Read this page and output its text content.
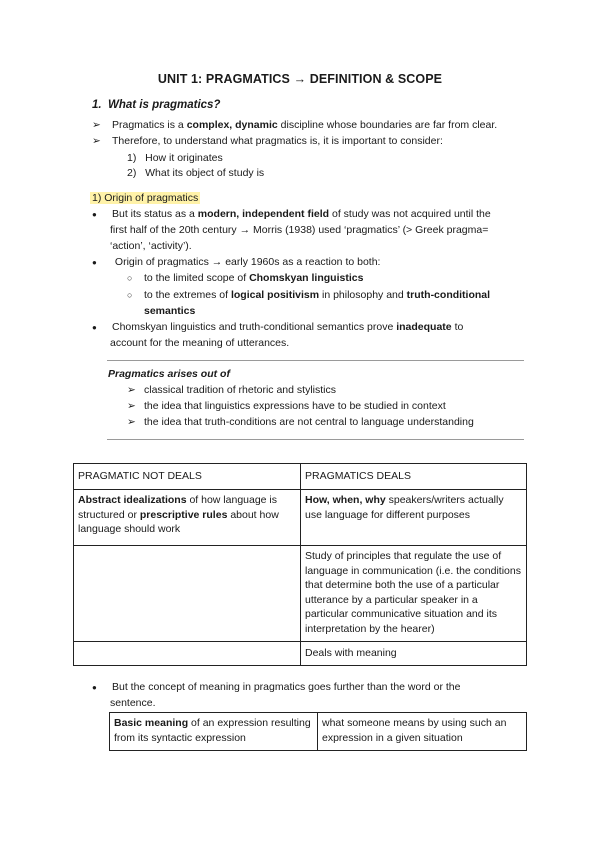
UNIT 1: PRAGMATICS → DEFINITION & SCOPE
1. What is pragmatics?
➢ Pragmatics is a complex, dynamic discipline whose boundaries are far from clear.
➢ Therefore, to understand what pragmatics is, it is important to consider:
1) How it originates
2) What its object of study is
1) Origin of pragmatics
● But its status as a modern, independent field of study was not acquired until the
first half of the 20th century → Morris (1938) used ‘pragmatics’ (> Greek pragma=
‘action’, ‘activity’).
● Origin of pragmatics → early 1960s as a reaction to both:
○ to the limited scope of Chomskyan linguistics
○ to the extremes of logical positivism in philosophy and truth-conditional
semantics
● Chomskyan linguistics and truth-conditional semantics prove inadequate to
account for the meaning of utterances.
Pragmatics arises out of
➢ classical tradition of rhetoric and stylistics
➢ the idea that linguistics expressions have to be studied in context
➢ the idea that truth-conditions are not central to language understanding
PRAGMATIC NOT DEALS	PRAGMATICS DEALS
Abstract idealizations of how language is structured or prescriptive rules about how language should work	How, when, why speakers/writers actually use language for different purposes
	Study of principles that regulate the use of language in communication (i.e. the conditions that determine both the use of a particular utterance by a particular speaker in a particular communicative situation and its interpretation by the hearer)
	Deals with meaning
● But the concept of meaning in pragmatics goes further than the word or the
sentence.
Basic meaning of an expression resulting from its syntactic expression	what someone means by using such an expression in a given situation
